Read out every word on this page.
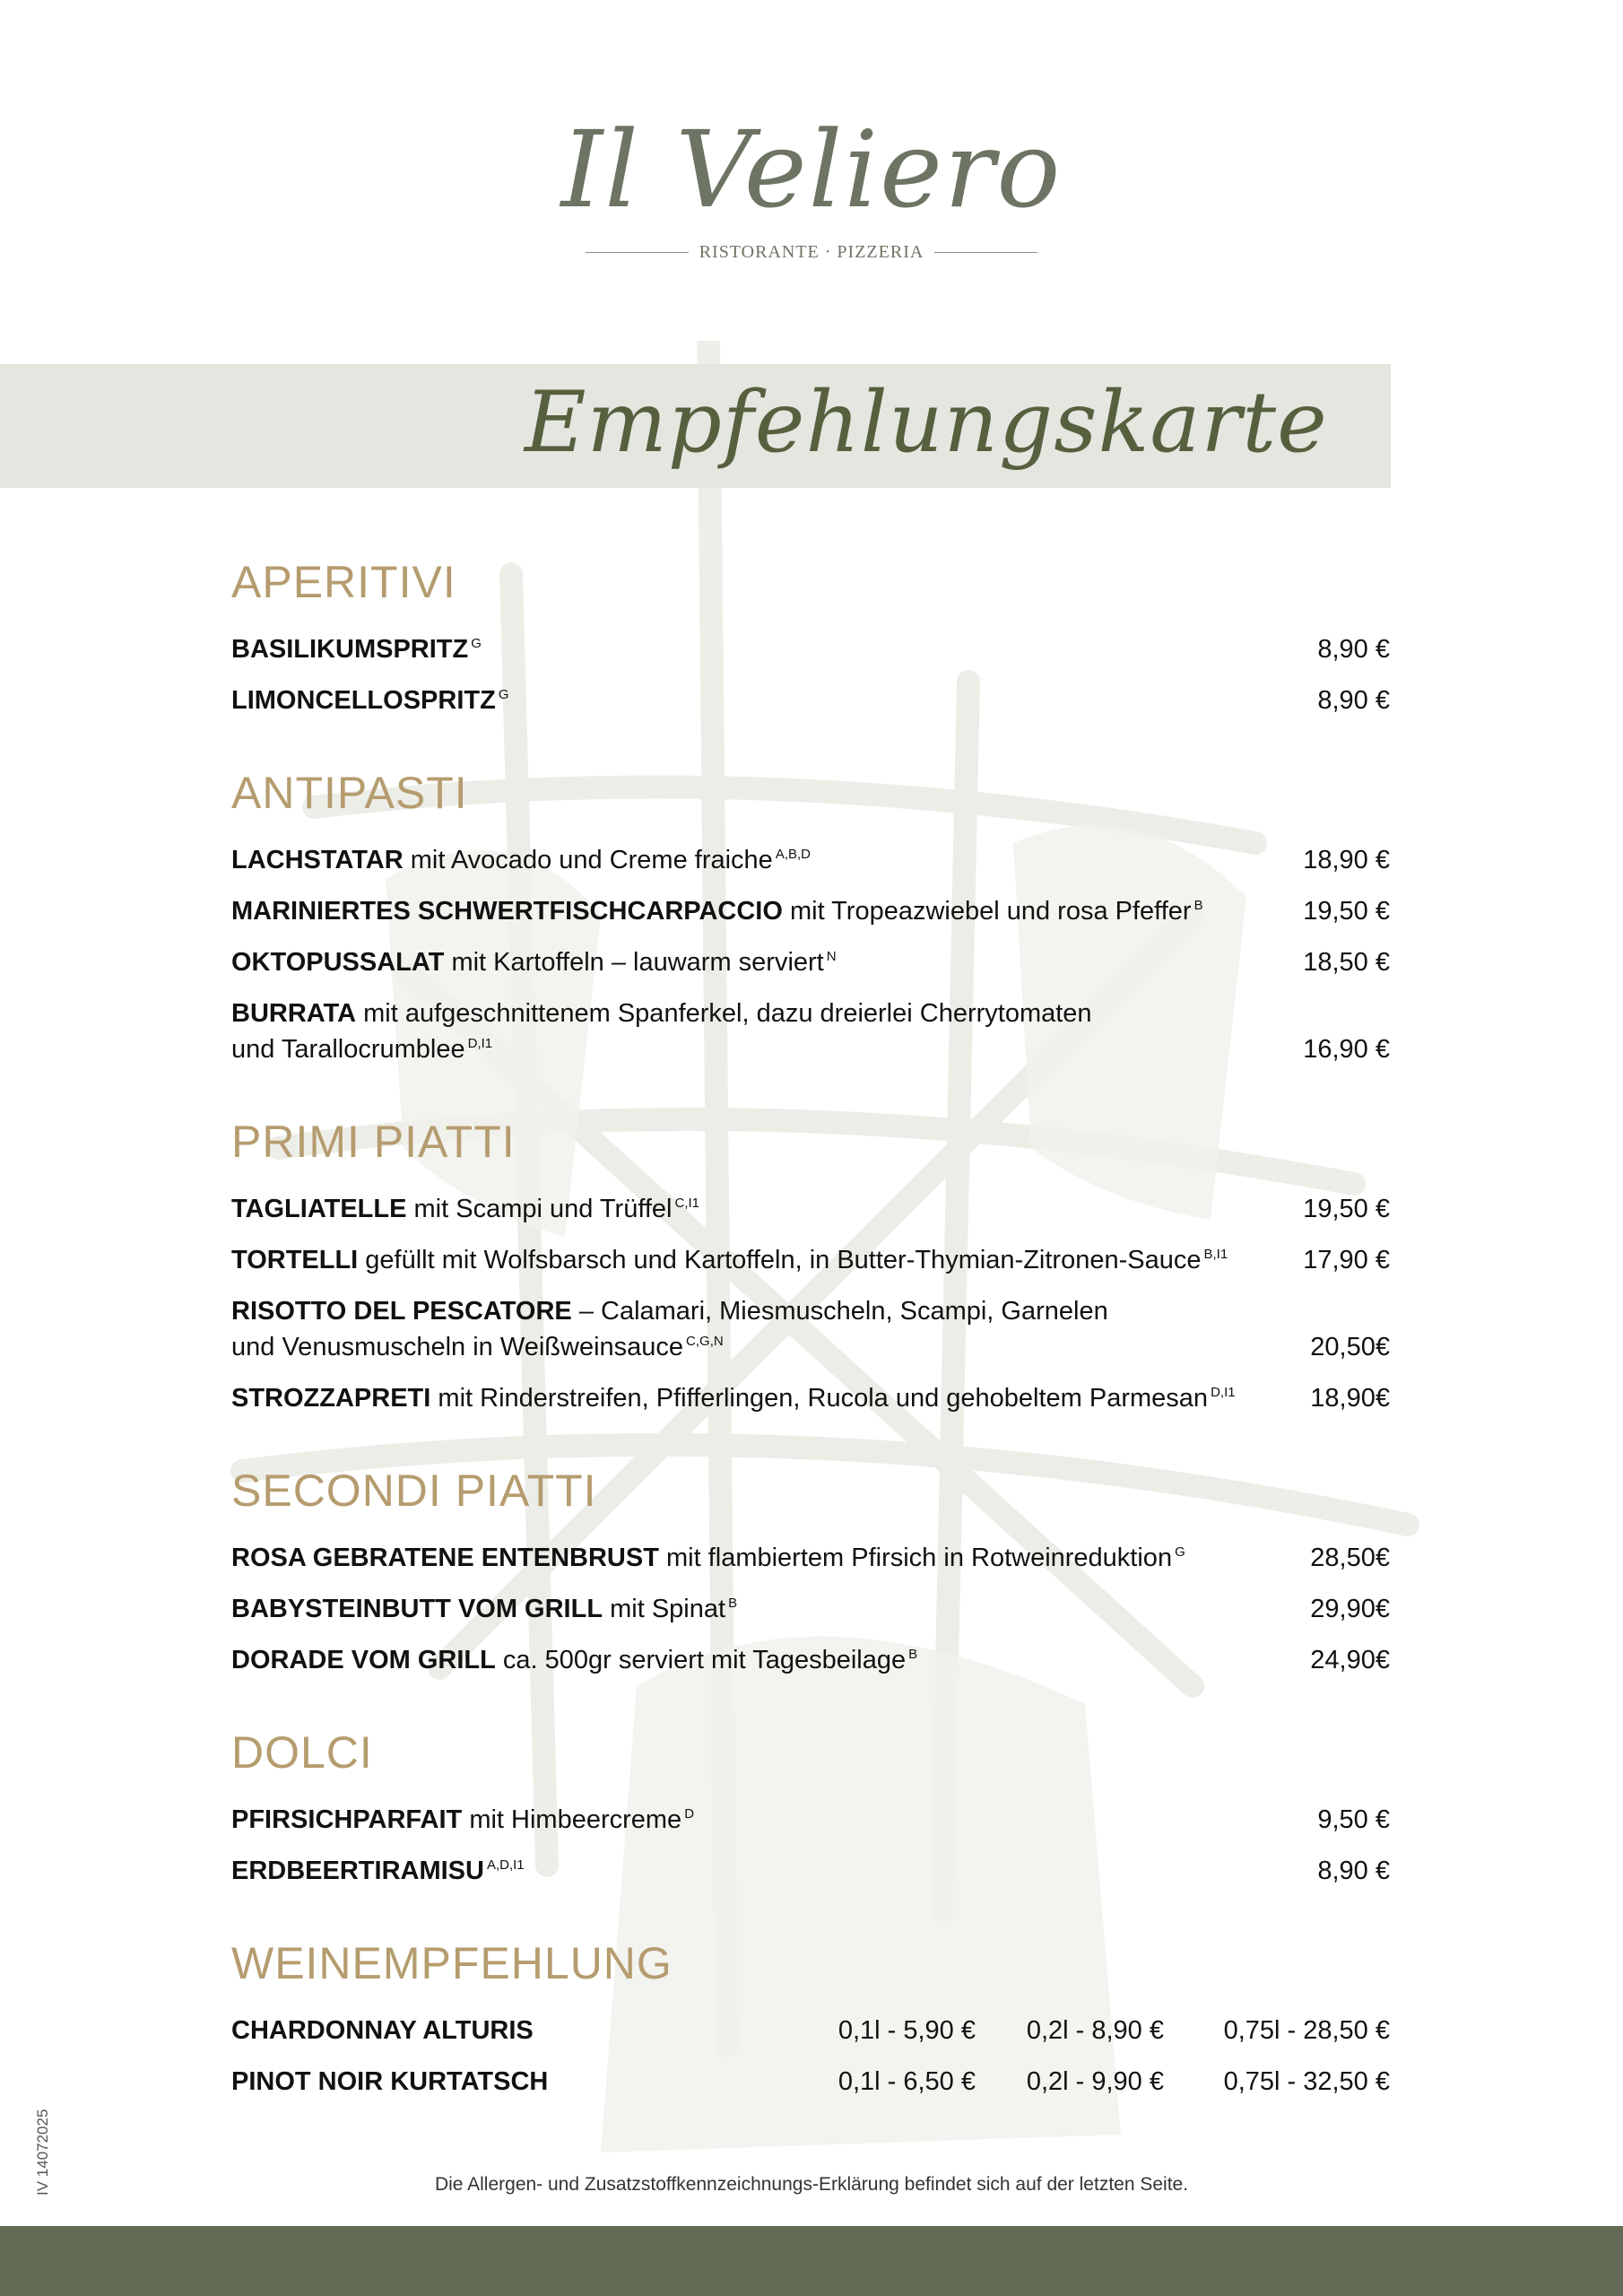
Il Veliero
RISTORANTE · PIZZERIA
Empfehlungskarte
APERITIVI
BASILIKUMSPRITZ $^G$	8,90 €
LIMONCELLOSPRITZ $^G$	8,90 €
ANTIPASTI
LACHSTATAR mit Avocado und Creme fraiche $^{A,B,D}$	18,90 €
MARINIERTES SCHWERTFISCHCARPACCIO mit Tropeazwiebel und rosa Pfeffer $^B$	19,50 €
OKTOPUSSALAT mit Kartoffeln – lauwarm serviert $^N$	18,50 €
BURRATA mit aufgeschnittenem Spanferkel, dazu dreierlei Cherrytomaten
und Tarallocrumblee $^{D,I1}$	16,90 €
PRIMI PIATTI
TAGLIATELLE mit Scampi und Trüffel $^{C,I1}$	19,50 €
TORTELLI gefüllt mit Wolfsbarsch und Kartoffeln, in Butter-Thymian-Zitronen-Sauce $^{B,I1}$	17,90 €
RISOTTO DEL PESCATORE – Calamari, Miesmuscheln, Scampi, Garnelen
und Venusmuscheln in Weißweinsauce $^{C,G,N}$	20,50€
STROZZAPRETI mit Rinderstreifen, Pfifferlingen, Rucola und gehobeltem Parmesan $^{D,I1}$	18,90€
SECONDI PIATTI
ROSA GEBRATENE ENTENBRUST mit flambiertem Pfirsich in Rotweinreduktion $^G$	28,50€
BABYSTEINBUTT VOM GRILL mit Spinat $^B$	29,90€
DORADE VOM GRILL ca. 500gr serviert mit Tagesbeilage $^B$	24,90€
DOLCI
PFIRSICHPARFAIT mit Himbeercreme $^D$	9,50 €
ERDBEERTIRAMISU $^{A,D,I1}$	8,90 €
WEINEMPFEHLUNG
CHARDONNAY ALTURIS	0,1l - 5,90 €	0,2l - 8,90 €	0,75l - 28,50 €
PINOT NOIR KURTATSCH	0,1l - 6,50 €	0,2l - 9,90 €	0,75l - 32,50 €
Die Allergen- und Zusatzstoffkennzeichnungs-Erklärung befindet sich auf der letzten Seite.
IV 14072025
